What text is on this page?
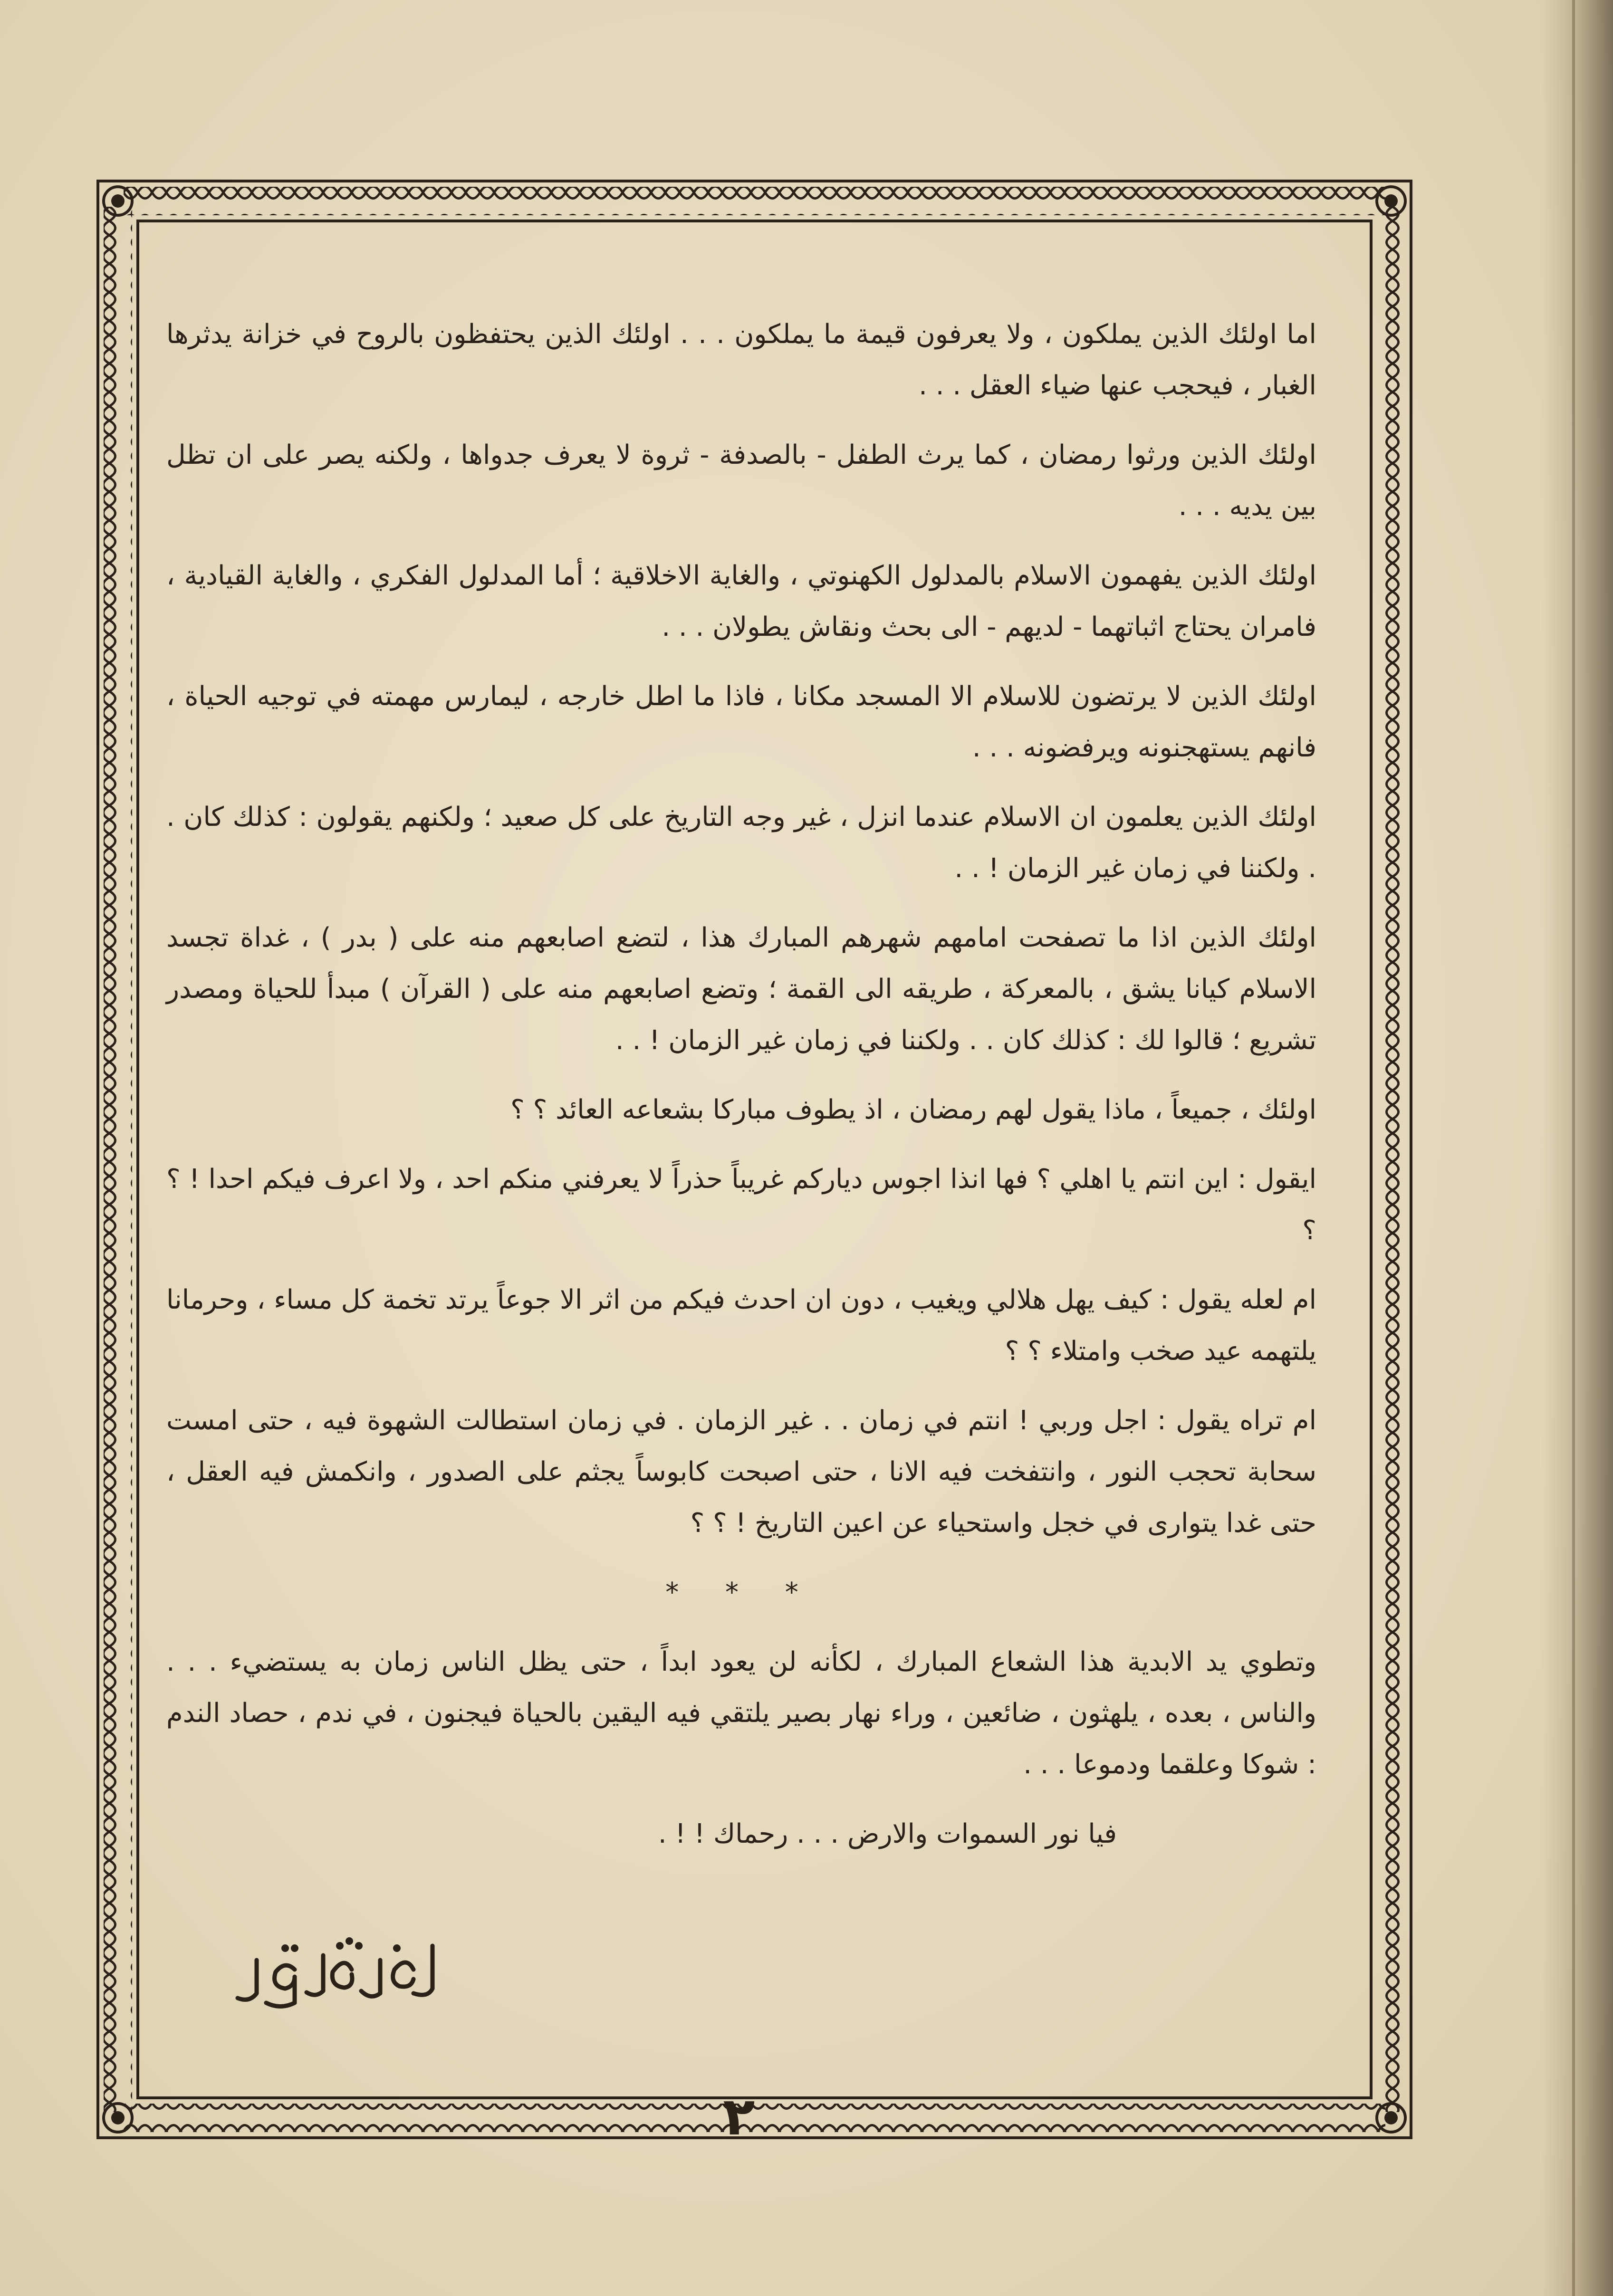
اما اولئك الذين يملكون ، ولا يعرفون قيمة ما يملكون . . . اولئك الذين يحتفظون بالروح في خزانة يدثرها الغبار ، فيحجب عنها ضياء العقل . . .

اولئك الذين ورثوا رمضان ، كما يرث الطفل - بالصدفة - ثروة لا يعرف جدواها ، ولكنه يصر على ان تظل بين يديه . . .

اولئك الذين يفهمون الاسلام بالمدلول الكهنوتي ، والغاية الاخلاقية ؛ أما المدلول الفكري ، والغاية القيادية ، فامران يحتاج اثباتهما - لديهم - الى بحث ونقاش يطولان . . .

اولئك الذين لا يرتضون للاسلام الا المسجد مكانا ، فاذا ما اطل خارجه ، ليمارس مهمته في توجيه الحياة ، فانهم يستهجنونه ويرفضونه . . .

اولئك الذين يعلمون ان الاسلام عندما انزل ، غير وجه التاريخ على كل صعيد ؛ ولكنهم يقولون : كذلك كان . . ولكننا في زمان غير الزمان ! . .

اولئك الذين اذا ما تصفحت امامهم شهرهم المبارك هذا ، لتضع اصابعهم منه على ( بدر ) ، غداة تجسد الاسلام كيانا يشق ، بالمعركة ، طريقه الى القمة ؛ وتضع اصابعهم منه على ( القرآن ) مبدأ للحياة ومصدر تشريع ؛ قالوا لك : كذلك كان . . ولكننا في زمان غير الزمان ! . .

اولئك ، جميعاً ، ماذا يقول لهم رمضان ، اذ يطوف مباركا بشعاعه العائد ؟ ؟

ايقول : اين انتم يا اهلي ؟ فها انذا اجوس دياركم غريباً حذراً لا يعرفني منكم احد ، ولا اعرف فيكم احدا ! ؟ ؟

ام لعله يقول : كيف يهل هلالي ويغيب ، دون ان احدث فيكم من اثر الا جوعاً يرتد تخمة كل مساء ، وحرمانا يلتهمه عيد صخب وامتلاء ؟ ؟

ام تراه يقول : اجل وربي ! انتم في زمان . . غير الزمان . في زمان استطالت الشهوة فيه ، حتى امست سحابة تحجب النور ، وانتفخت فيه الانا ، حتى اصبحت كابوساً يجثم على الصدور ، وانكمش فيه العقل ، حتى غدا يتوارى في خجل واستحياء عن اعين التاريخ ! ؟ ؟

* * *

وتطوي يد الابدية هذا الشعاع المبارك ، لكأنه لن يعود ابداً ، حتى يظل الناس زمان به يستضيء . . . والناس ، بعده ، يلهثون ، ضائعين ، وراء نهار بصير يلتقي فيه اليقين بالحياة فيجنون ، في ندم ، حصاد الندم : شوكا وعلقما ودموعا . . .

فيا نور السموات والارض . . . رحماك ! ! .

٢
